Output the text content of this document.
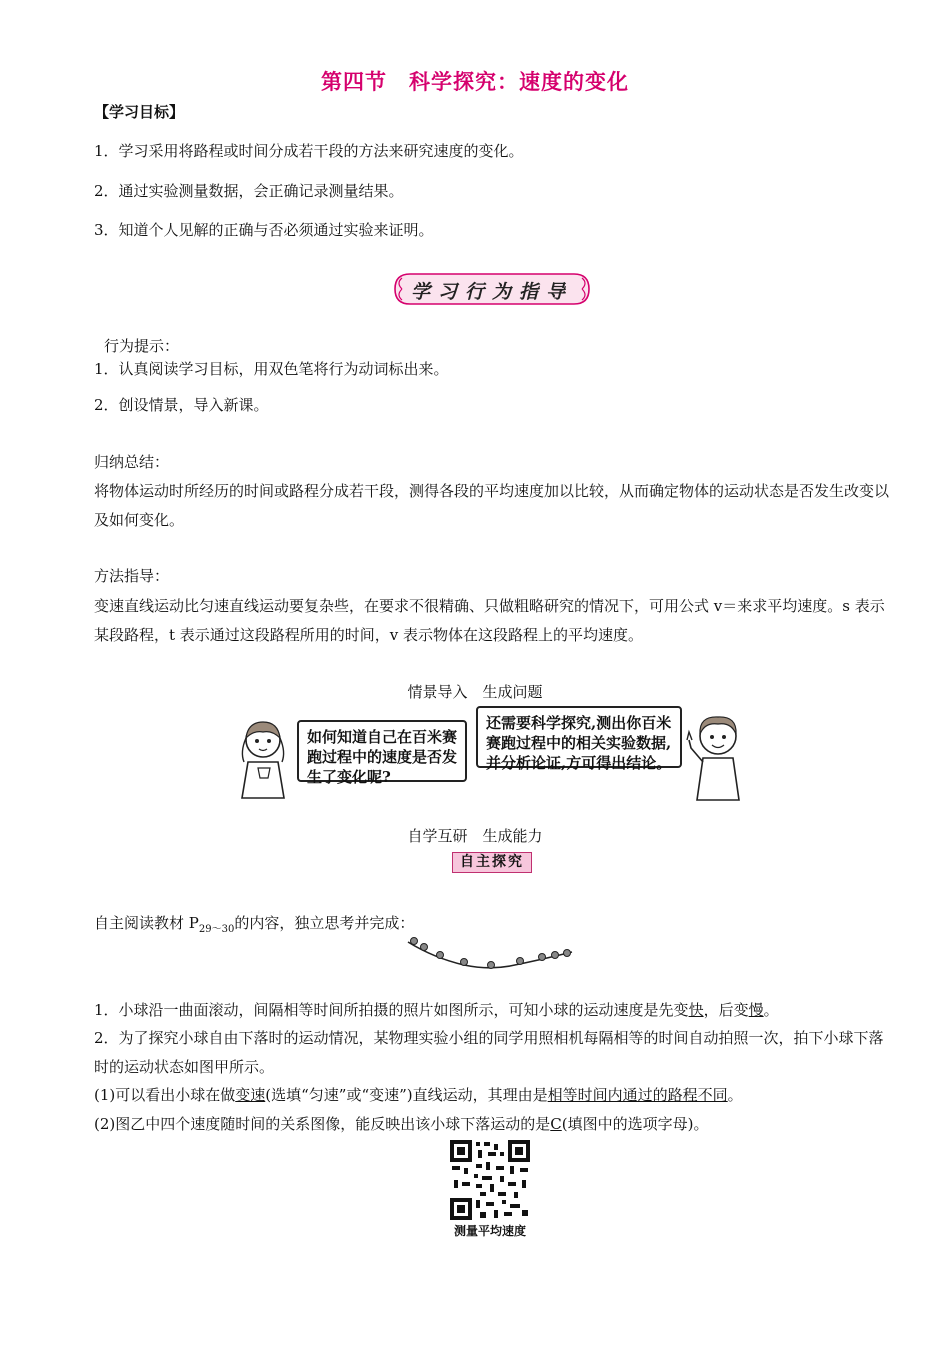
第四节　科学探究：速度的变化
【学习目标】
1．学习采用将路程或时间分成若干段的方法来研究速度的变化。
2．通过实验测量数据，会正确记录测量结果。
3．知道个人见解的正确与否必须通过实验来证明。
学习行为指导
行为提示：
1．认真阅读学习目标，用双色笔将行为动词标出来。
2．创设情景，导入新课。
归纳总结：
将物体运动时所经历的时间或路程分成若干段，测得各段的平均速度加以比较，从而确定物体的运动状态是否发生改变以及如何变化。
方法指导：
变速直线运动比匀速直线运动要复杂些，在要求不很精确、只做粗略研究的情况下，可用公式 v＝来求平均速度。s 表示某段路程，t 表示通过这段路程所用的时间，v 表示物体在这段路程上的平均速度。
情景导入　生成问题
如何知道自己在百米赛跑过程中的速度是否发生了变化呢?
还需要科学探究,测出你百米赛跑过程中的相关实验数据,并分析论证,方可得出结论。
自学互研　生成能力
自主探究
自主阅读教材 $P_{29\sim 30}$的内容，独立思考并完成：
1．小球沿一曲面滚动，间隔相等时间所拍摄的照片如图所示，可知小球的运动速度是先变快，后变慢。
2．为了探究小球自由下落时的运动情况，某物理实验小组的同学用照相机每隔相等的时间自动拍照一次，拍下小球下落时的运动状态如图甲所示。
(1)可以看出小球在做变速(选填“匀速”或“变速”)直线运动，其理由是相等时间内通过的路程不同。
(2)图乙中四个速度随时间的关系图像，能反映出该小球下落运动的是C(填图中的选项字母)。
测量平均速度
